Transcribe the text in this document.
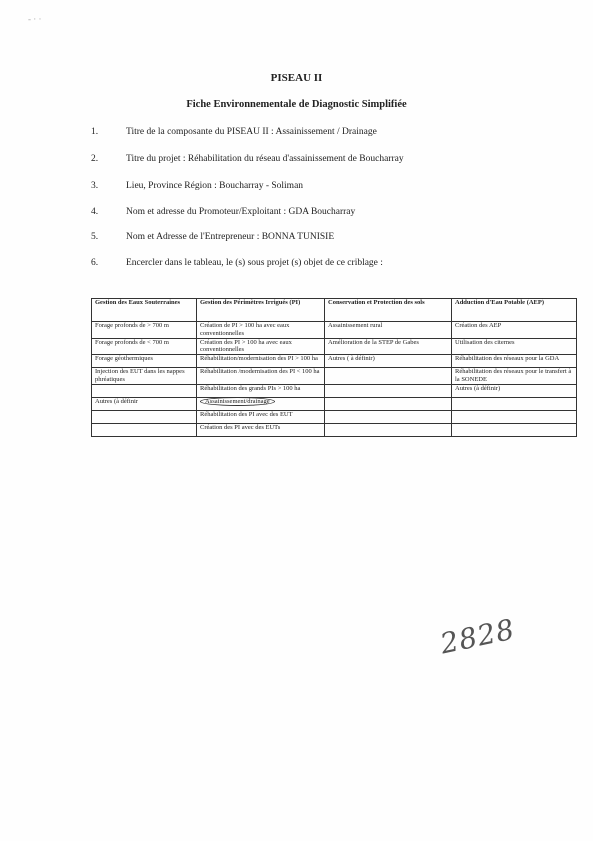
- · ·
PISEAU II
Fiche Environnementale de Diagnostic Simplifiée
1.	Titre de la composante du PISEAU II : Assainissement / Drainage
2.	Titre du projet : Réhabilitation du réseau d'assainissement de Boucharray
3.	Lieu, Province Région : Boucharray - Soliman
4.	Nom et adresse du Promoteur/Exploitant : GDA Boucharray
5.	Nom et Adresse de l'Entrepreneur : BONNA TUNISIE
6.	Encercler dans le tableau, le (s) sous projet (s) objet de ce criblage :
Gestion des Eaux Souterraines	Gestion des Périmètres Irrigués (PI)	Conservation et Protection des sols	Adduction d'Eau Potable (AEP)
Forage profonds de > 700 m	Création de PI > 100 ha avec eaux conventionnelles	Assainissement rural	Création des AEP
Forage profonds de < 700 m	Création des PI > 100 ha avec eaux conventionnelles	Amélioration de la STEP de Gabes	Utilisation des citernes
Forage géothermiques	Réhabilitation/modernisation des PI > 100 ha	Autres ( à définir)	Réhabilitation des réseaux pour la GDA
Injection des EUT dans les nappes phréatiques	Réhabilitation /modernisation des PI < 100 ha		Réhabilitation des réseaux pour le transfert à la SONEDE
	Réhabilitation des grands PIs > 100 ha		Autres (à définir)
Autres (à définir	Assainissement/drainage		
	Réhabilitation des PI avec des EUT		
	Création des PI avec des EUTs		
2828
